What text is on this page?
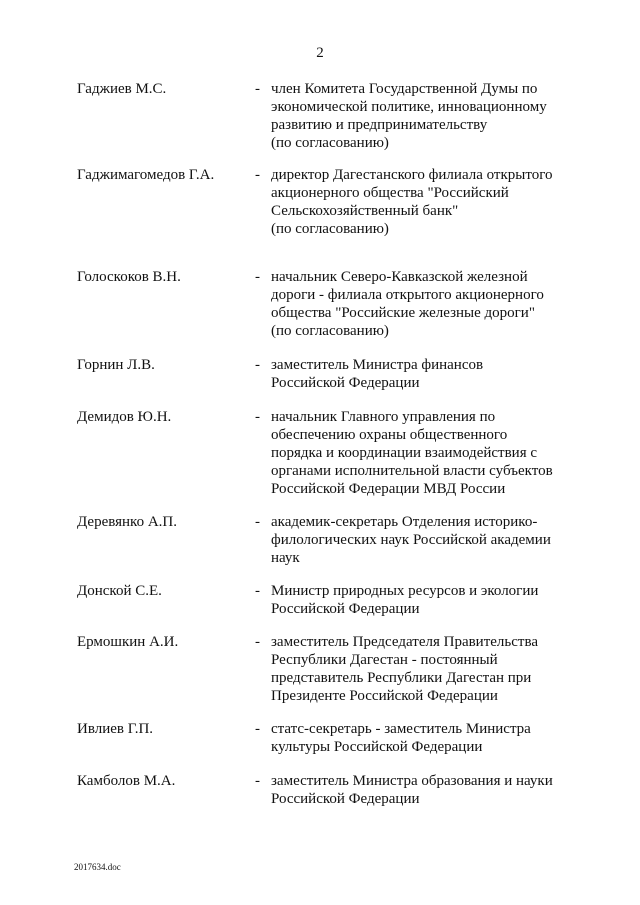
2
Гаджиев М.С.	- член Комитета Государственной Думы по
экономической политике, инновационному
развитию и предпринимательству
(по согласованию)
Гаджимагомедов Г.А.	- директор Дагестанского филиала открытого
акционерного общества "Российский
Сельскохозяйственный банк"
(по согласованию)
Голоскоков В.Н.	- начальник Северо-Кавказской железной
дороги - филиала открытого акционерного
общества "Российские железные дороги"
(по согласованию)
Горнин Л.В.	- заместитель Министра финансов
Российской Федерации
Демидов Ю.Н.	- начальник Главного управления по
обеспечению охраны общественного
порядка и координации взаимодействия с
органами исполнительной власти субъектов
Российской Федерации МВД России
Деревянко А.П.	- академик-секретарь Отделения историко-
филологических наук Российской академии
наук
Донской С.Е.	- Министр природных ресурсов и экологии
Российской Федерации
Ермошкин А.И.	- заместитель Председателя Правительства
Республики Дагестан - постоянный
представитель Республики Дагестан при
Президенте Российской Федерации
Ивлиев Г.П.	- статс-секретарь - заместитель Министра
культуры Российской Федерации
Камболов М.А.	- заместитель Министра образования и науки
Российской Федерации
2017634.doc
